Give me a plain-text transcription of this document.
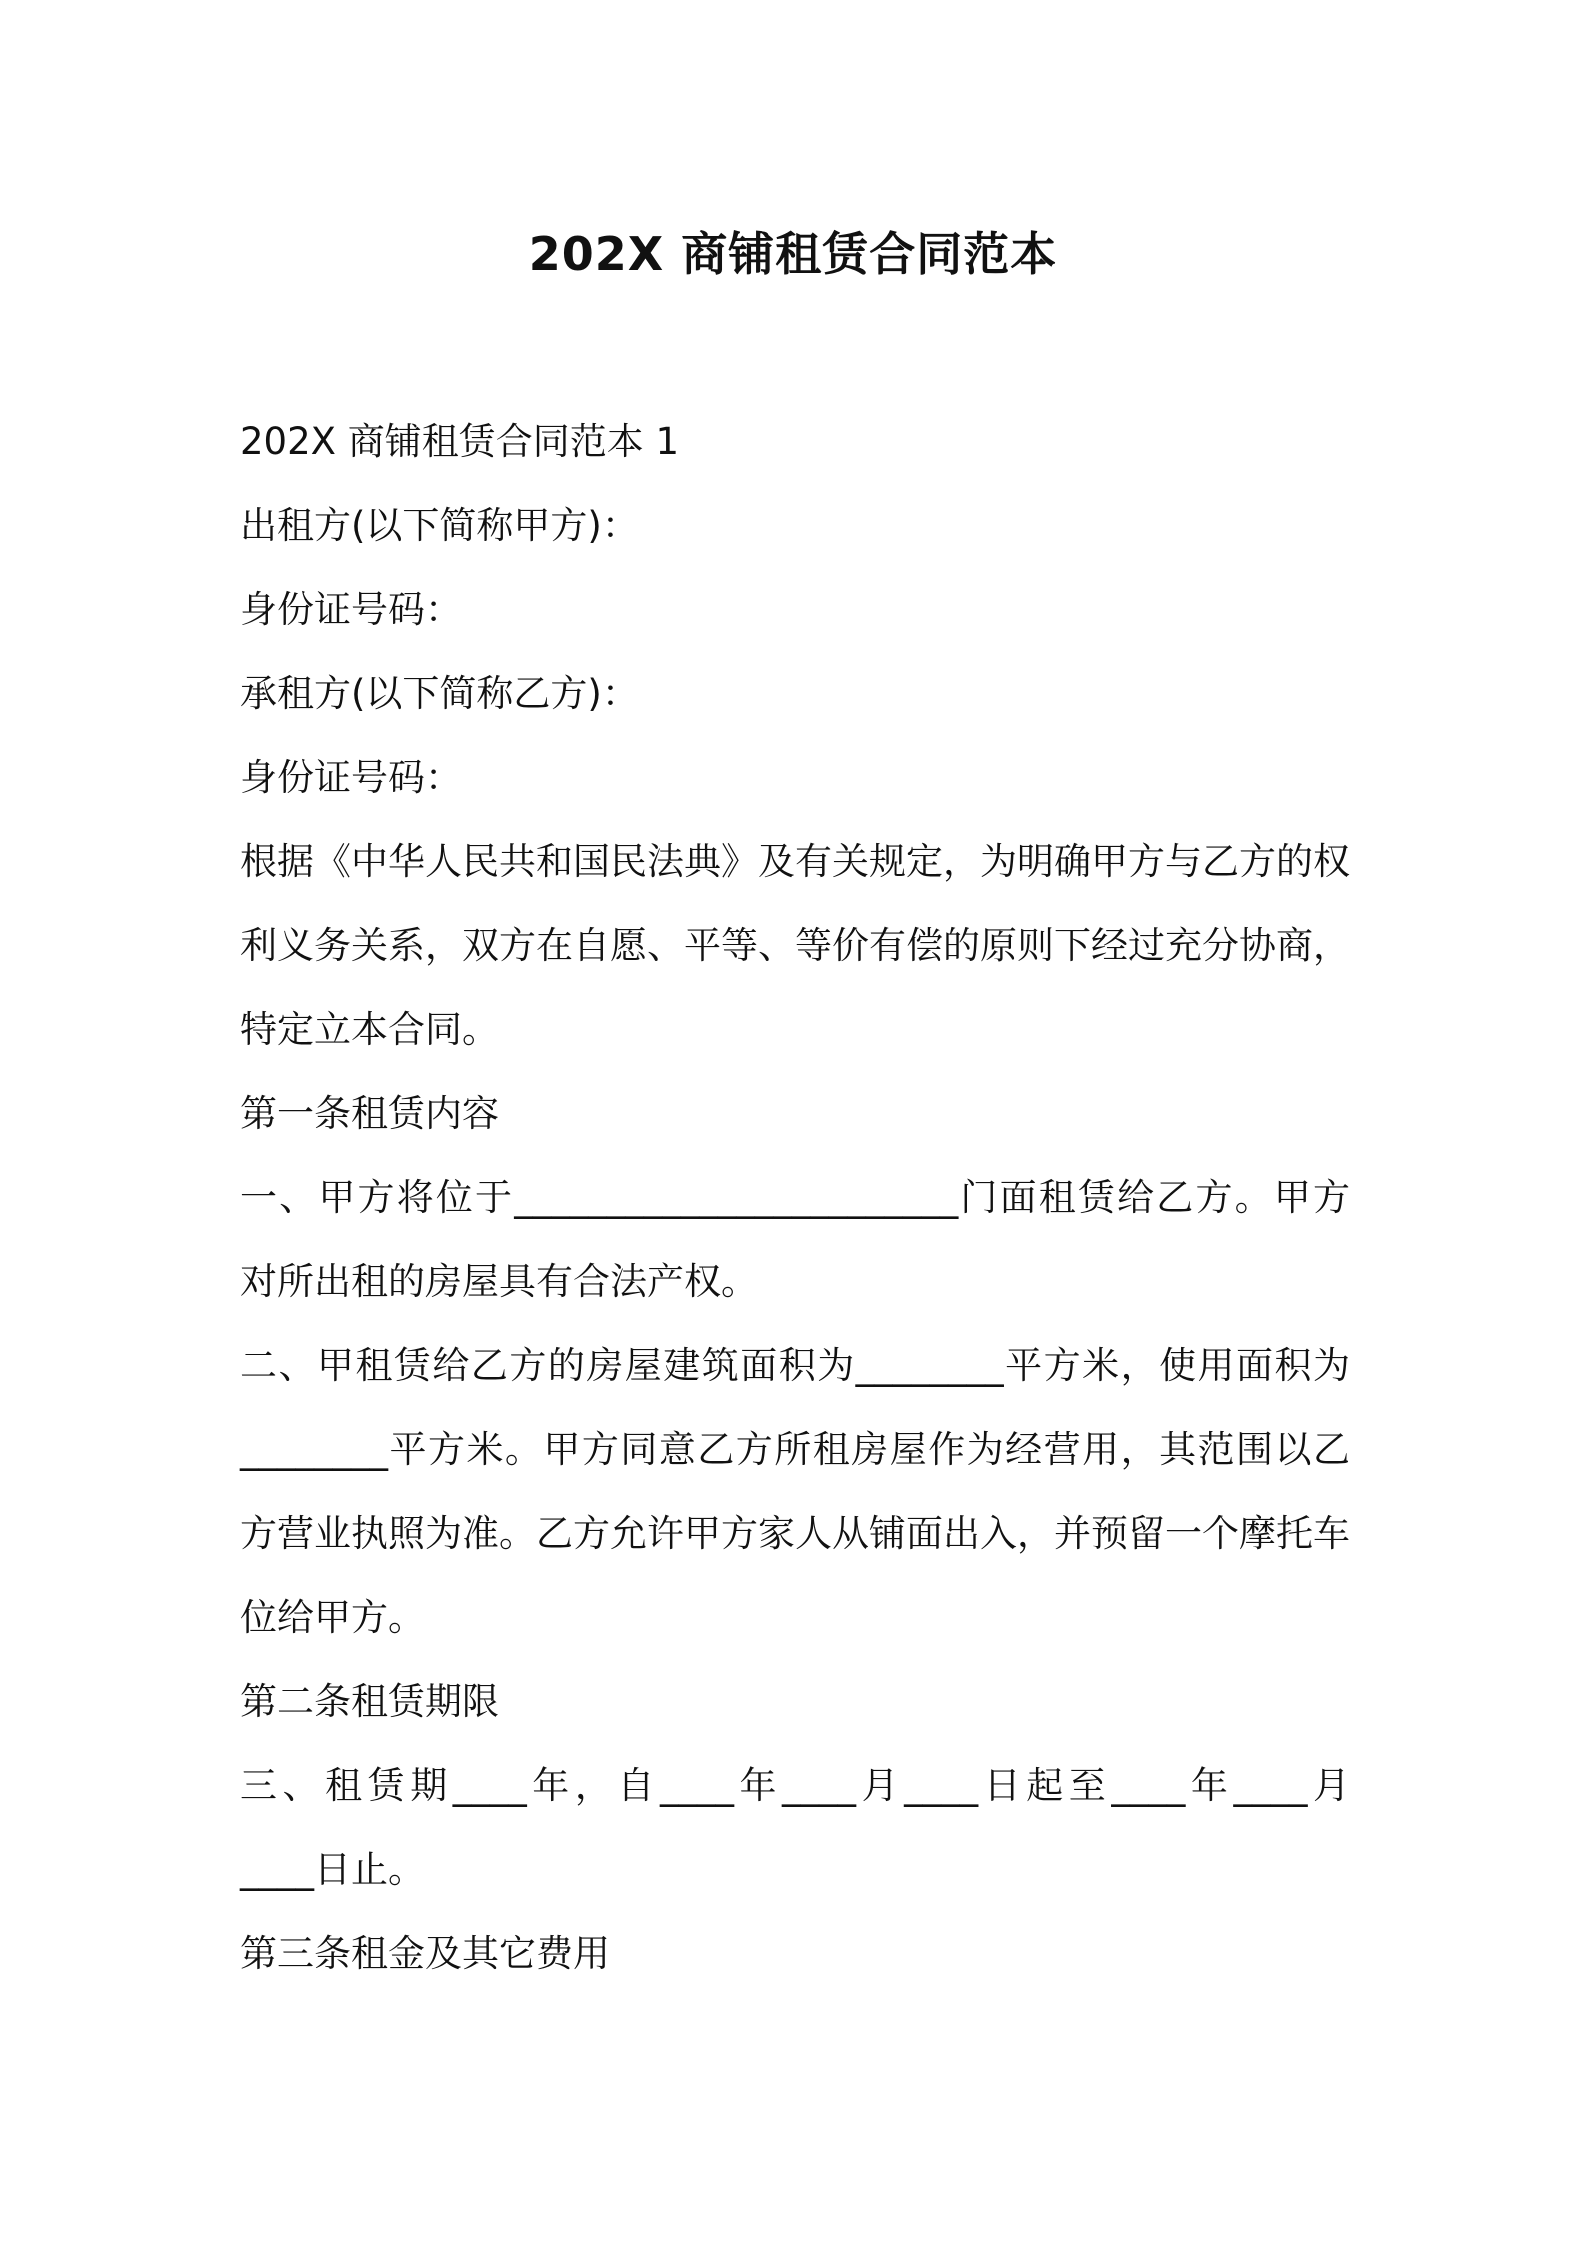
202X 商铺租赁合同范本

202X 商铺租赁合同范本 1

出租方(以下简称甲方)：

身份证号码：

承租方(以下简称乙方)：

身份证号码：

根据《中华人民共和国民法典》及有关规定，为明确甲方与乙方的权

利义务关系，双方在自愿、平等、等价有偿的原则下经过充分协商，

特定立本合同。

第一条租赁内容

一、甲方将位于________________________门面租赁给乙方。甲方

对所出租的房屋具有合法产权。

二、甲租赁给乙方的房屋建筑面积为________平方米，使用面积为

________平方米。甲方同意乙方所租房屋作为经营用，其范围以乙

方营业执照为准。乙方允许甲方家人从铺面出入，并预留一个摩托车

位给甲方。

第二条租赁期限

三、租赁期____年，自____年____月____日起至____年____月

____日止。

第三条租金及其它费用
